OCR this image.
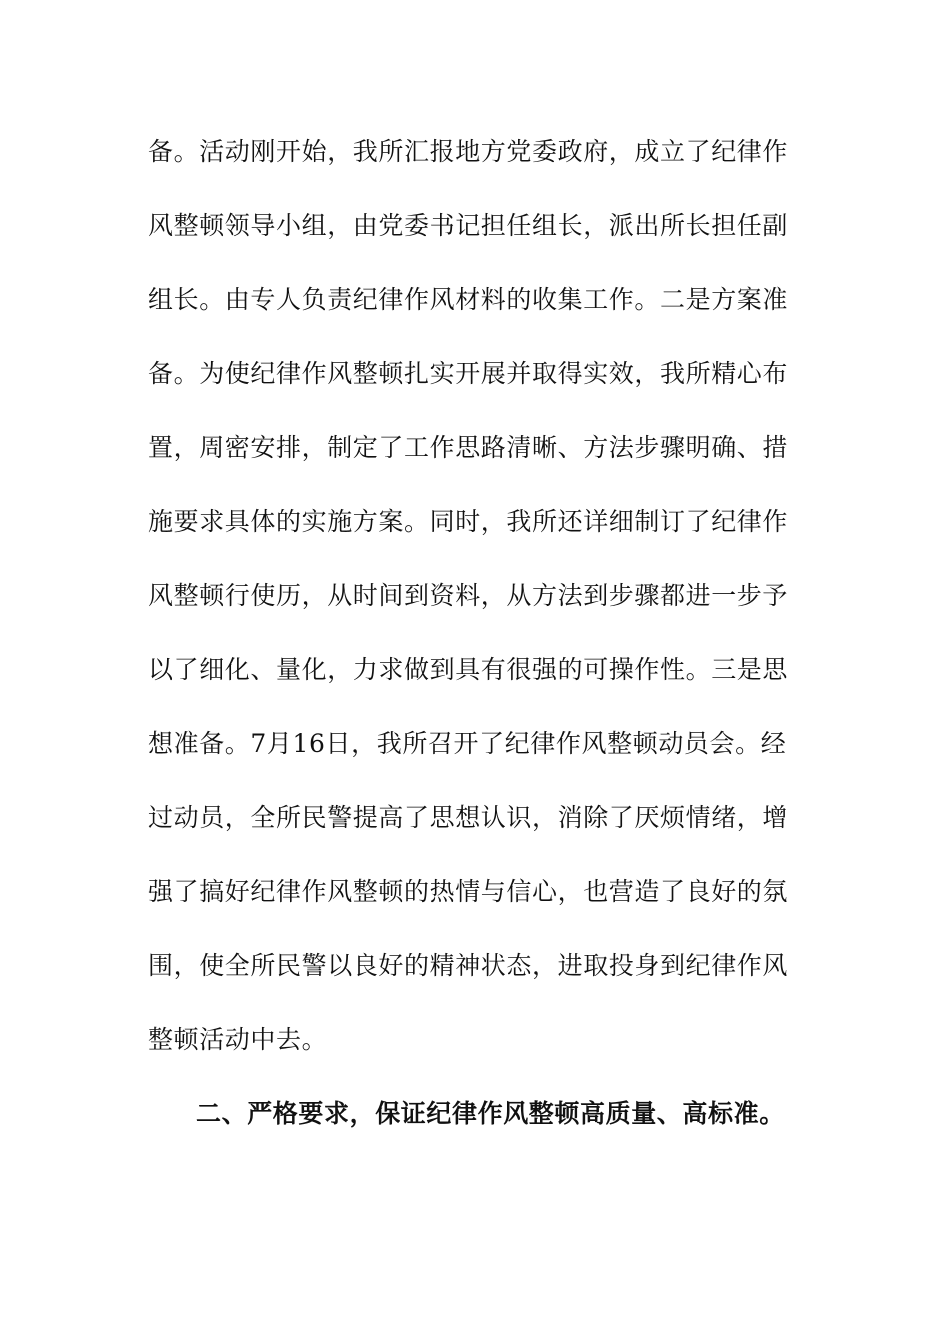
备。活动刚开始，我所汇报地方党委政府，成立了纪律作
风整顿领导小组，由党委书记担任组长，派出所长担任副
组长。由专人负责纪律作风材料的收集工作。二是方案准
备。为使纪律作风整顿扎实开展并取得实效，我所精心布
置，周密安排，制定了工作思路清晰、方法步骤明确、措
施要求具体的实施方案。同时，我所还详细制订了纪律作
风整顿行使历，从时间到资料，从方法到步骤都进一步予
以了细化、量化，力求做到具有很强的可操作性。三是思
想准备。7月16日，我所召开了纪律作风整顿动员会。经
过动员，全所民警提高了思想认识，消除了厌烦情绪，增
强了搞好纪律作风整顿的热情与信心，也营造了良好的氛
围，使全所民警以良好的精神状态，进取投身到纪律作风
整顿活动中去。
二、严格要求，保证纪律作风整顿高质量、高标准。
